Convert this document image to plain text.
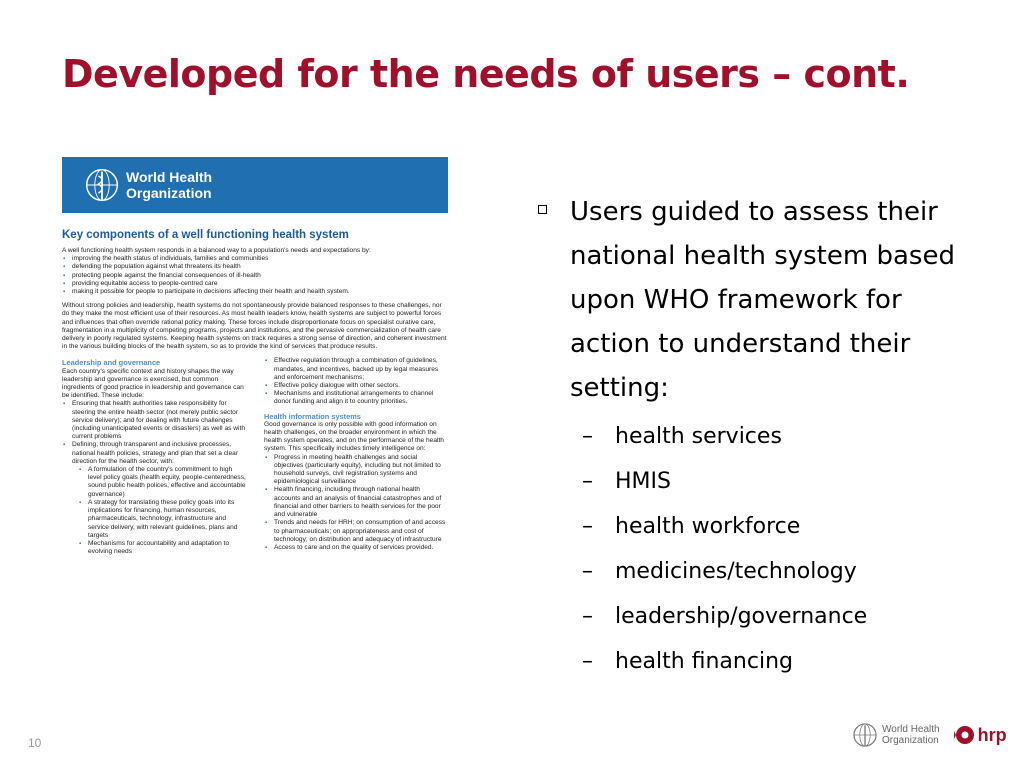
Developed for the needs of users – cont.
World Health
Organization
Key components of a well functioning health system

A well functioning health system responds in a balanced way to a population's needs and expectations by:

▪ improving the health status of individuals, families and communities
▪ defending the population against what threatens its health
▪ protecting people against the financial consequences of ill-health
▪ providing equitable access to people-centred care
▪ making it possible for people to participate in decisions affecting their health and health system.

Without strong policies and leadership, health systems do not spontaneously provide balanced responses to these challenges, nor do they make the most efficient use of their resources. As most health leaders know, health systems are subject to powerful forces and influences that often override rational policy making. These forces include disproportionate focus on specialist curative care, fragmentation in a multiplicity of competing programs, projects and institutions, and the pervasive commercialization of health care delivery in poorly regulated systems. Keeping health systems on track requires a strong sense of direction, and coherent investment in the various building blocks of the health system, so as to provide the kind of services that produce results.

Leadership and governance
Each country's specific context and history shapes the way leadership and governance is exercised, but common ingredients of good practice in leadership and governance can be identified. These include:
▪ Ensuring that health authorities take responsibility for steering the entire health sector (not merely public sector service delivery); and for dealing with future challenges (including unanticipated events or disasters) as well as with current problems
▪ Defining, through transparent and inclusive processes, national health policies, strategy and plan that set a clear direction for the health sector, with:
▪ A formulation of the country's commitment to high level policy goals (health equity, people-centeredness, sound public health polices, effective and accountable governance)
▪ A strategy for translating these policy goals into its implications for financing, human resources, pharmaceuticals, technology, infrastructure and service delivery, with relevant guidelines, plans and targets
▪ Mechanisms for accountability and adaptation to evolving needs
▪ Effective regulation through a combination of guidelines, mandates, and incentives, backed up by legal measures and enforcement mechanisms;
▪ Effective policy dialogue with other sectors.
▪ Mechanisms and institutional arrangements to channel donor funding and align it to country priorities.
Health information systems
Good governance is only possible with good information on health challenges, on the broader environment in which the health system operates, and on the performance of the health system. This specifically includes timely intelligence on:
▪ Progress in meeting health challenges and social objectives (particularly equity), including but not limited to household surveys, civil registration systems and epidemiological surveillance
▪ Health financing, including through national health accounts and an analysis of financial catastrophes and of financial and other barriers to health services for the poor and vulnerable
▪ Trends and needs for HRH; on consumption of and access to pharmaceuticals; on appropriateness and cost of technology; on distribution and adequacy of infrastructure
▪ Access to care and on the quality of services provided.
Users guided to assess their national health system based upon WHO framework for action to understand their setting:
– health services
– HMIS
– health workforce
– medicines/technology
– leadership/governance
– health financing
10
World Health
Organization hrp
